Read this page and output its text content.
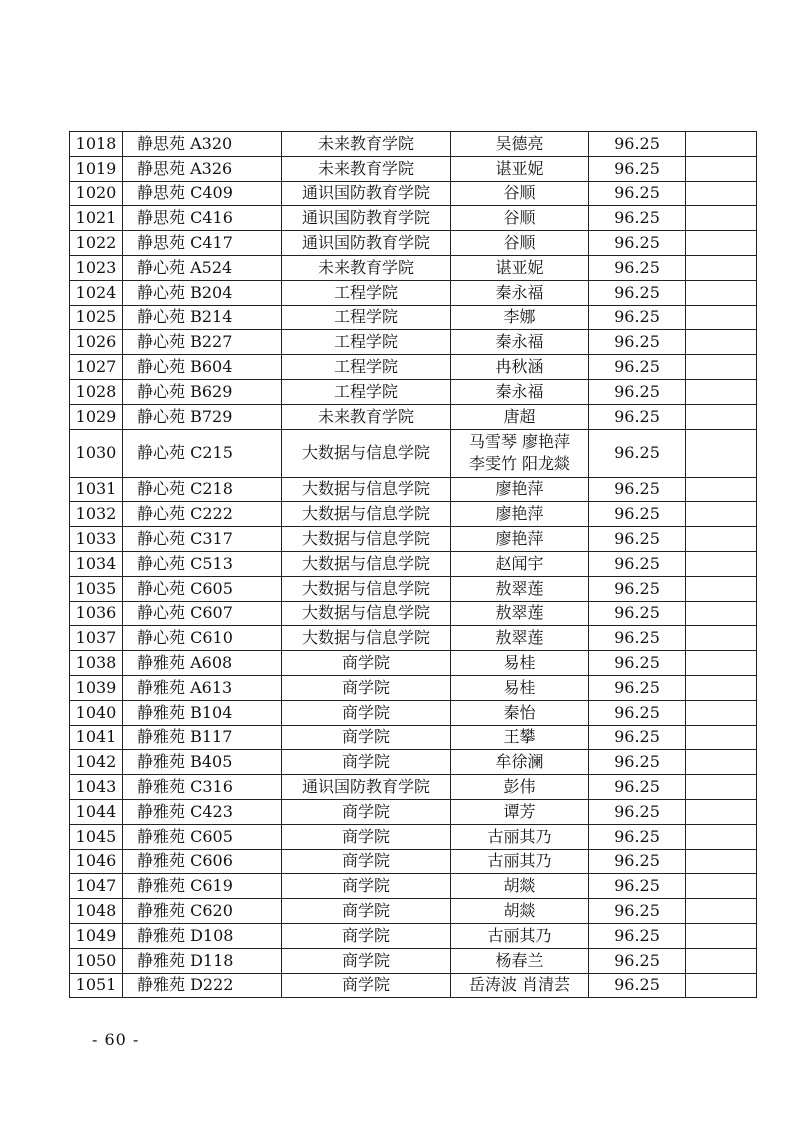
1018	静思苑 A320	未来教育学院	吴德亮	96.25	
1019	静思苑 A326	未来教育学院	谌亚妮	96.25	
1020	静思苑 C409	通识国防教育学院	谷顺	96.25	
1021	静思苑 C416	通识国防教育学院	谷顺	96.25	
1022	静思苑 C417	通识国防教育学院	谷顺	96.25	
1023	静心苑 A524	未来教育学院	谌亚妮	96.25	
1024	静心苑 B204	工程学院	秦永福	96.25	
1025	静心苑 B214	工程学院	李娜	96.25	
1026	静心苑 B227	工程学院	秦永福	96.25	
1027	静心苑 B604	工程学院	冉秋涵	96.25	
1028	静心苑 B629	工程学院	秦永福	96.25	
1029	静心苑 B729	未来教育学院	唐超	96.25	
1030	静心苑 C215	大数据与信息学院	马雪琴 廖艳萍
李雯竹 阳龙燚	96.25	
1031	静心苑 C218	大数据与信息学院	廖艳萍	96.25	
1032	静心苑 C222	大数据与信息学院	廖艳萍	96.25	
1033	静心苑 C317	大数据与信息学院	廖艳萍	96.25	
1034	静心苑 C513	大数据与信息学院	赵闻宇	96.25	
1035	静心苑 C605	大数据与信息学院	敖翠莲	96.25	
1036	静心苑 C607	大数据与信息学院	敖翠莲	96.25	
1037	静心苑 C610	大数据与信息学院	敖翠莲	96.25	
1038	静雅苑 A608	商学院	易桂	96.25	
1039	静雅苑 A613	商学院	易桂	96.25	
1040	静雅苑 B104	商学院	秦怡	96.25	
1041	静雅苑 B117	商学院	王攀	96.25	
1042	静雅苑 B405	商学院	牟徐澜	96.25	
1043	静雅苑 C316	通识国防教育学院	彭伟	96.25	
1044	静雅苑 C423	商学院	谭芳	96.25	
1045	静雅苑 C605	商学院	古丽其乃	96.25	
1046	静雅苑 C606	商学院	古丽其乃	96.25	
1047	静雅苑 C619	商学院	胡燚	96.25	
1048	静雅苑 C620	商学院	胡燚	96.25	
1049	静雅苑 D108	商学院	古丽其乃	96.25	
1050	静雅苑 D118	商学院	杨春兰	96.25	
1051	静雅苑 D222	商学院	岳涛波 肖清芸	96.25	
- 60 -
